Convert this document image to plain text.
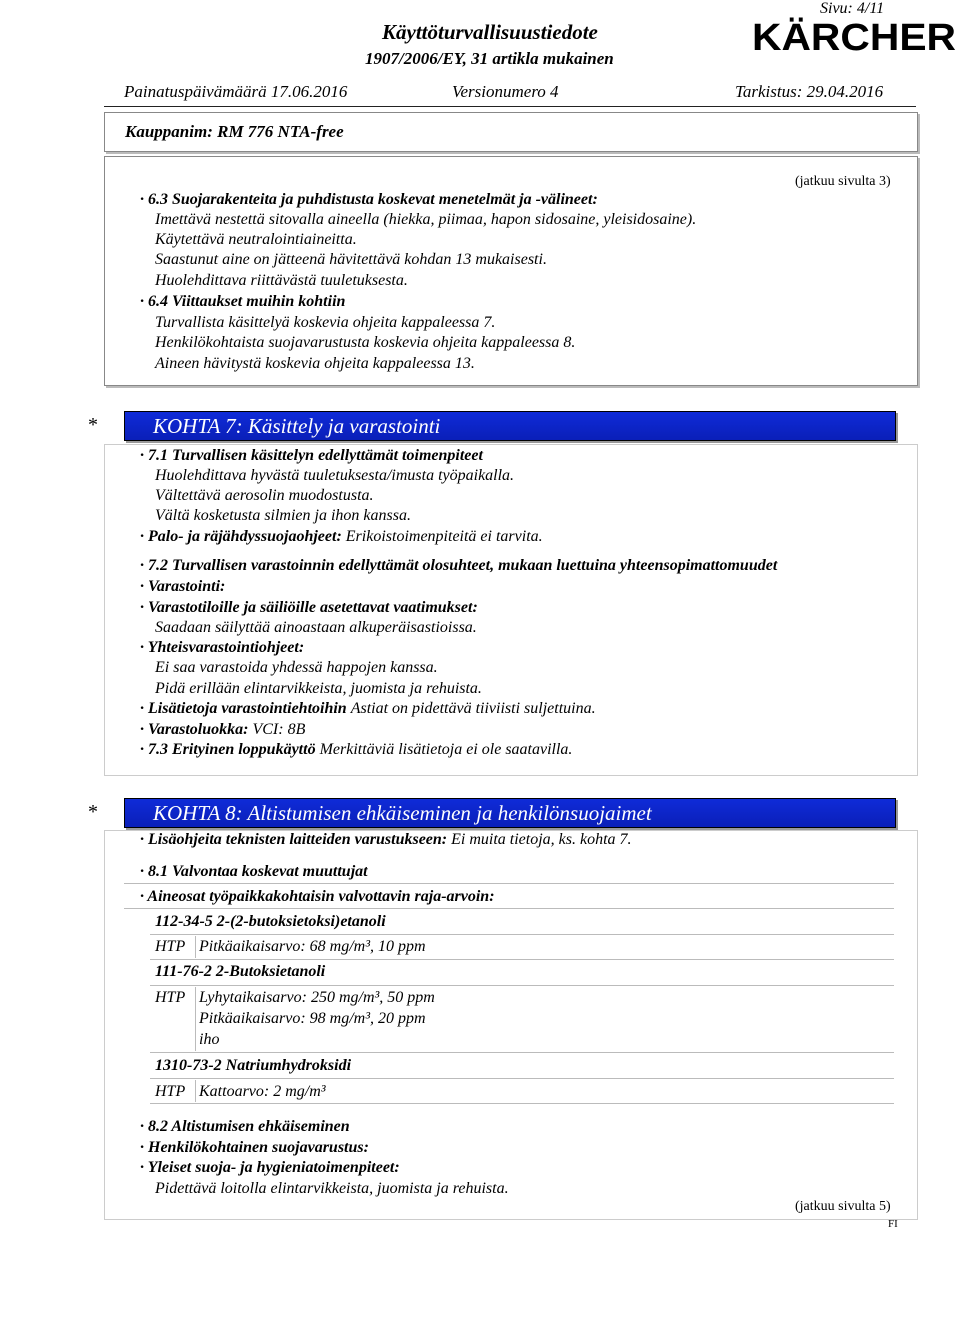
Sivu: 4/11
Käyttöturvallisuustiedote
1907/2006/EY, 31 artikla mukainen	KÄRCHER
Painatuspäivämäärä 17.06.2016	Versionumero 4	Tarkistus: 29.04.2016
Kauppanim: RM 776 NTA-free
(jatkuu sivulta 3)
· 6.3 Suojarakenteita ja puhdistusta koskevat menetelmät ja -välineet:
Imettävä nestettä sitovalla aineella (hiekka, piimaa, hapon sidosaine, yleisidosaine).
Käytettävä neutralointiaineitta.
Saastunut aine on jätteenä hävitettävä kohdan 13 mukaisesti.
Huolehdittava riittävästä tuuletuksesta.
· 6.4 Viittaukset muihin kohtiin
Turvallista käsittelyä koskevia ohjeita kappaleessa 7.
Henkilökohtaista suojavarustusta koskevia ohjeita kappaleessa 8.
Aineen hävitystä koskevia ohjeita kappaleessa 13.
*	KOHTA 7: Käsittely ja varastointi
· 7.1 Turvallisen käsittelyn edellyttämät toimenpiteet
Huolehdittava hyvästä tuuletuksesta/imusta työpaikalla.
Vältettävä aerosolin muodostusta.
Vältä kosketusta silmien ja ihon kanssa.
· Palo- ja räjähdyssuojaohjeet: Erikoistoimenpiteitä ei tarvita.
· 7.2 Turvallisen varastoinnin edellyttämät olosuhteet, mukaan luettuina yhteensopimattomuudet
· Varastointi:
· Varastotiloille ja säiliöille asetettavat vaatimukset:
Saadaan säilyttää ainoastaan alkuperäisastioissa.
· Yhteisvarastointiohjeet:
Ei saa varastoida yhdessä happojen kanssa.
Pidä erillään elintarvikkeista, juomista ja rehuista.
· Lisätietoja varastointiehtoihin Astiat on pidettävä tiiviisti suljettuina.
· Varastoluokka: VCI: 8B
· 7.3 Erityinen loppukäyttö Merkittäviä lisätietoja ei ole saatavilla.
*	KOHTA 8: Altistumisen ehkäiseminen ja henkilönsuojaimet
· Lisäohjeita teknisten laitteiden varustukseen: Ei muita tietoja, ks. kohta 7.
· 8.1 Valvontaa koskevat muuttujat
· Aineosat työpaikkakohtaisin valvottavin raja-arvoin:
112-34-5 2-(2-butoksietoksi)etanoli
HTP Pitkäaikaisarvo: 68 mg/m³, 10 ppm
111-76-2 2-Butoksietanoli
HTP Lyhytaikaisarvo: 250 mg/m³, 50 ppm
Pitkäaikaisarvo: 98 mg/m³, 20 ppm
iho
1310-73-2 Natriumhydroksidi
HTP Kattoarvo: 2 mg/m³
· 8.2 Altistumisen ehkäiseminen
· Henkilökohtainen suojavarustus:
· Yleiset suoja- ja hygieniatoimenpiteet:
Pidettävä loitolla elintarvikkeista, juomista ja rehuista.
(jatkuu sivulta 5)
FI
